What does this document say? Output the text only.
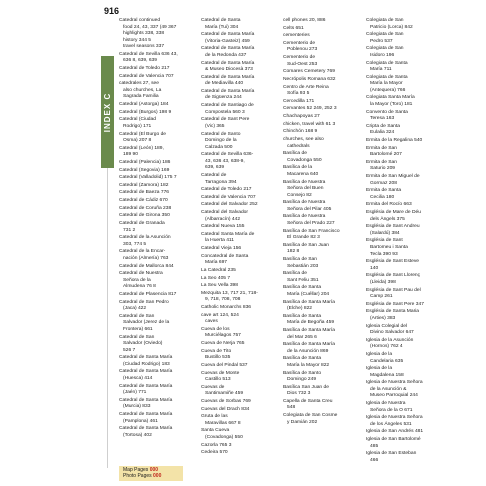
916
INDEX C
Catedral continued
food 24, 43, 337 (49 367
highlights 338, 338
history 344 5
travel seasons 337
Catedral de Sevilla 636 43,
636 8, 639, 639
Catedral de Toledo 217
Catedral de Valencia 707
catedrales 27, see
also churches, La
Sagrada Familia
Catedral (Astorga) 184
Catedral (Burgos) 198 9
Catedral (Ciudad
Rodrigo) 171
Catedral (El Burgo de
Osma) 207 8
Catedral (León) 189,
189 90
Catedral (Palencia) 186
Catedral (Segovia) 169
Catedral (Valladolid) 175 7
Catedral (Zamora) 182
Catedral de Baeza 776
Catedral de Cádiz 670
Catedral de Coruña 238
Catedral de Girona 350
Catedral de Granada
731 2
Catedral de la Asunción
303, 774 5
Catedral de la Encar-
nación (Almería) 763
Catedral de Mallorca 844
Catedral de Nuestra
Señora de la
Almudena 76 8
Catedral de Plasencia 817
Catedral de San Pedro
(Jaca) 422
Catedral de San
Salvador (Jerez de la
Frontera) 661
Catedral de San
Salvador (Oviedo)
526 7
Catedral de Santa María
(Ciudad Rodrigo) 183
Catedral de Santa María
(Huesca) 414
Catedral de Santa María
(Jaén) 771
Catedral de Santa María
(Murcia) 833
Catedral de Santa María
(Pamplona) 461
Catedral de Santa María
(Tortosa) 402
Catedral de Santa
María (Tui) 304
Catedral de Santa María
(Vitoria-Gasteiz) 459
Catedral de Santa María
de la Redonda 437
Catedral de Santa María
& Museo Diocesà 373
Catedral de Santa María
de Mediavilla 440
Catedral de Santa María
de Sigüenza 244
Catedral de Santiago de
Compostela 560 3
Catedral de Sant Pere
(Vic) 365
Catedral de Santo
Domingo de la
Calzada 500
Catedral de Sevilla 636-
43, 636 43, 638-9,
639, 639
Catedral de
Tarragona 394
Catedral de Toledo 217
Catedral de Valencia 707
Catedral del Salvador 252
Catedral del Salvador
(Albarracín) 442
Catedral Nueva 155
Catedral Santa María de
la Huerta 411
Catedral Vieja 156
Concatedral de Santa
María 697
La Catedral 235
La Seo 405 7
La Seu Vella 398
Mezquita 13, 717 21, 718-
9, 718, 708, 708
Catholic Monarchs 836
cave art 124, 524
caves
Cueva de los
Murciélagos 757
Cueva de Nerja 765
Cueva de Tito
Bustillo 535
Cueva del Pindal 537
Cuevas de Monte
Castillo 513
Cuevas de
Santimamiñe 459
Cuevas de Sorbas 769
Cuevas del Drach 834
Gruta de las
Maravillas 667 8
Santa Cueva
(Covadonga) 550
Cazorla 765 3
Cedeira 570
cell phones 20, 886
Celts 651
cementeries
Cementerio de
Poblenou 273
Cementerio de
Sud-Oest 253
Comares Cemetery 769
Necrópolis Romana 632
Centro de Arte Reina
Sofía 93 5
Cercedilla 171
Cervantes 52 249, 252 3
Chachapoyas 27
chicken, travel with 61 3
Chinchón 168 9
churches, see also
cathedrals
Basílica de
Covadonga 550
Basílica de la
Macarena 640
Basílica de Nuestra
Señora del Buen
Consejo 82
Basílica de Nuestra
Señora del Pilar 405
Basílica de Nuestra
Señora del Prado 227
Basílica de San Francisco
El Grande 82 3
Basílica de San Juan
182 8
Basílica de San
Sebastián 203
Basílica de
Sant Feliu 351
Basílica de Santa
María (Cuéllar) 204
Basílica de Santa María
(Elche) 822
Basílica de Santa
María de Begoña 459
Basílica de Santa María
del Mar 265 6
Basílica de Santa María
de la Asunción 869
Basílica de Santa
María la Mayor 822
Basílica de Santo
Domingo 249
Basílica San Juan de
Dios 732 3
Capella de Santa Creu
548
Colegiata de San Cosme
y Damián 202
Colegiata de San
Patricio (Lorca) 842
Colegiata de San
Pedro 537
Colegiata de San
Isidoro 196
Colegiata de Santa
María 711
Colegiata de Santa
María la Mayor
(Antequera) 766
Colegiata Santa María
la Mayor (Toro) 181
Convento de Santa
Teresa 163
Cripta de Santa
Eulalia 324
Ermita de la Regalina 540
Ermita de San
Bartolomé 207
Ermita de San
Saturio 209
Ermita de San Miguel de
Gormaz 208
Ermita de Santa
Cecilia 180
Ermita del Rocío 663
Església de Mare de Déu
dels Àngels 375
Església de Sant Andreu
(Salardú) 384
Església de Sant
Bartomeu i Santa
Tecla 390 93
Església de Sant Esteve
140
Església de Sant Llorenç
(Lleida) 398
Església de Sant Pau del
Camp 261
Església de Sant Pere 347
Església de Santa Maria
(Arties) 383
Iglesia Colegial del
Divino Salvador 647
Iglesia de la Asunción
(Hornos) 762 4
Iglesia de la
Candelaria 635
Iglesia de la
Magdalena 158
Iglesia de Nuestra Señora
de la Asunción &
Museo Parroquial 244
Iglesia de Nuestra
Señora de la O 671
Iglesia de Nuestra Señora
de los Ángeles 531
Iglesia de San Andrés 481
Iglesia de San Bartolomé
485
Iglesia de San Esteban
466
Map Pages 000
Photo Pages 000
